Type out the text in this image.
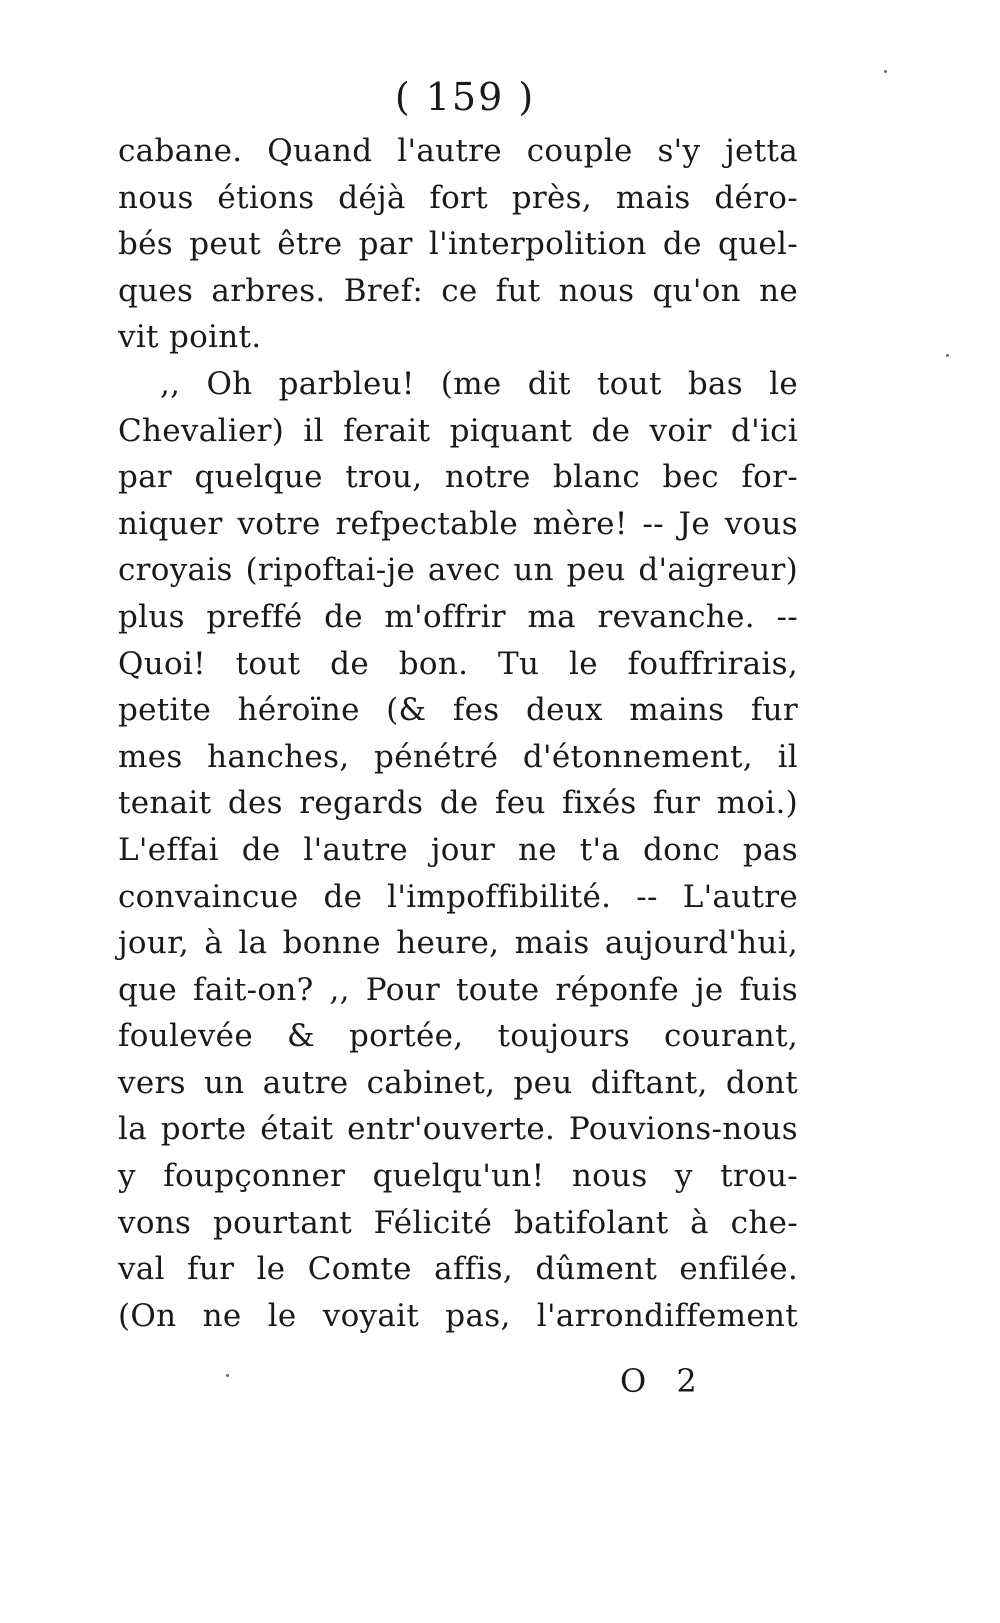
( 159 )
cabane. Quand l'autre couple s'y jetta
nous étions déjà fort près, mais déro-
bés peut être par l'interpolition de quel-
ques arbres. Bref: ce fut nous qu'on ne
vit point.
,, Oh parbleu! (me dit tout bas le
Chevalier) il ferait piquant de voir d'ici
par quelque trou, notre blanc bec for-
niquer votre refpectable mère! -- Je vous
croyais (ripoftai-je avec un peu d'aigreur)
plus preffé de m'offrir ma revanche. --
Quoi! tout de bon. Tu le fouffrirais,
petite héroïne (& fes deux mains fur
mes hanches, pénétré d'étonnement, il
tenait des regards de feu fixés fur moi.)
L'effai de l'autre jour ne t'a donc pas
convaincue de l'impoffibilité. -- L'autre
jour, à la bonne heure, mais aujourd'hui,
que fait-on? ,, Pour toute réponfe je fuis
foulevée & portée, toujours courant,
vers un autre cabinet, peu diftant, dont
la porte était entr'ouverte. Pouvions-nous
y foupçonner quelqu'un! nous y trou-
vons pourtant Félicité batifolant à che-
val fur le Comte affis, dûment enfilée.
(On ne le voyait pas, l'arrondiffement
O 2
